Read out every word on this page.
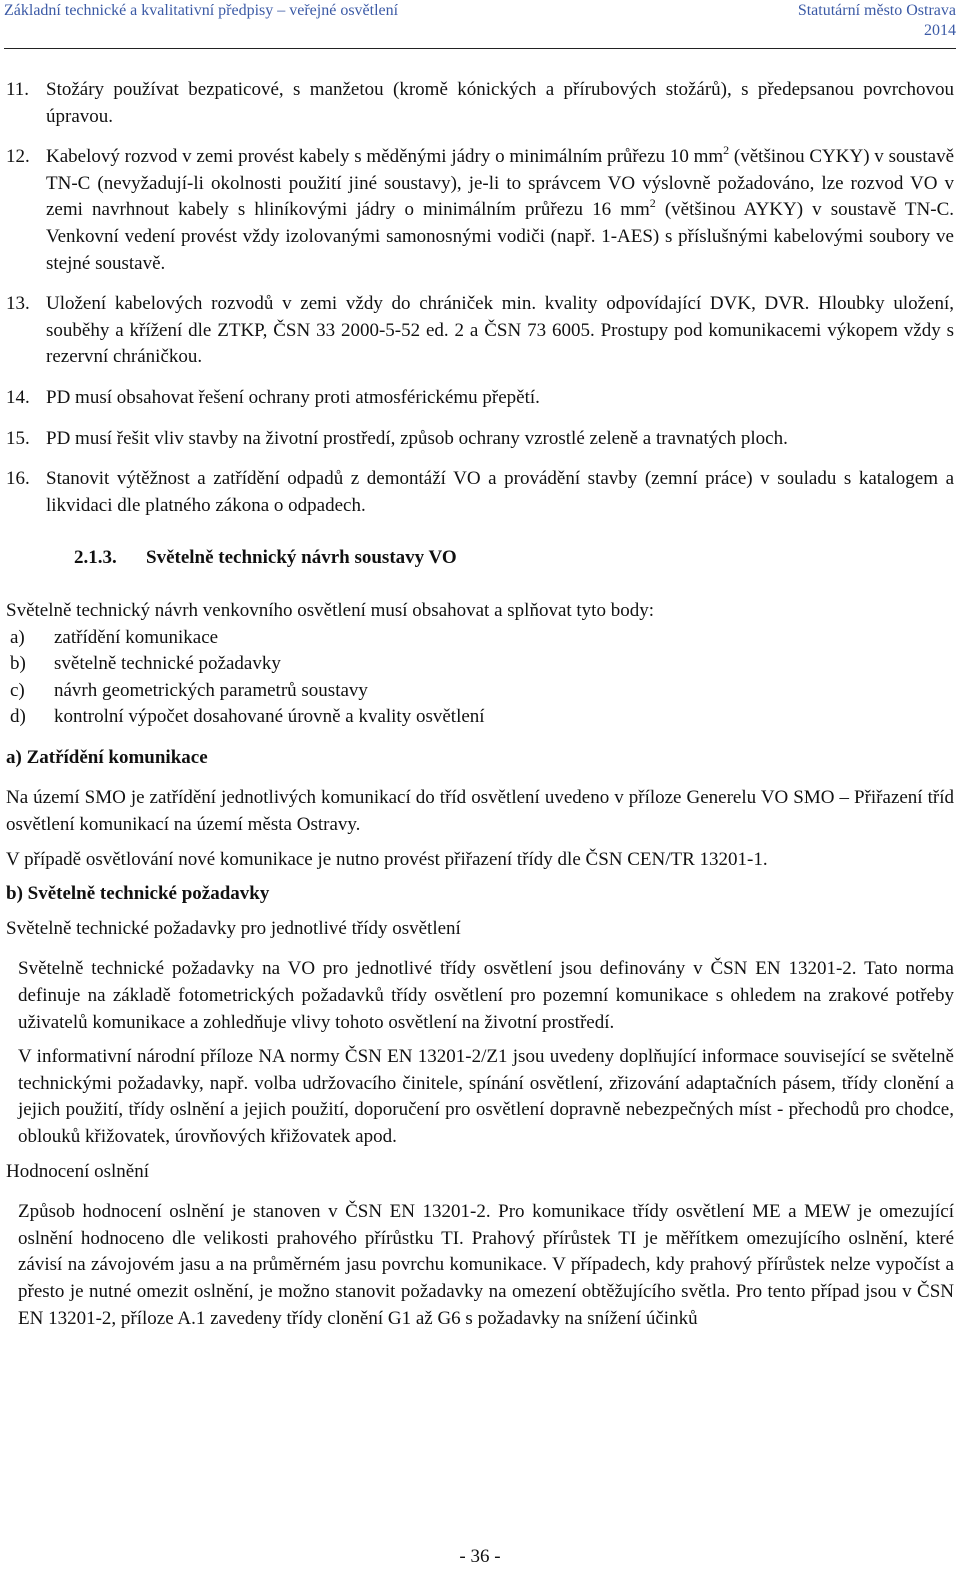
Základní technické a kvalitativní předpisy – veřejné osvětlení	Statutární město Ostrava
2014
11. Stožáry používat bezpaticové, s manžetou (kromě kónických a přírubových stožárů), s předepsanou povrchovou úpravou.
12. Kabelový rozvod v zemi provést kabely s měděnými jádry o minimálním průřezu 10 $mm^2$ (většinou CYKY) v soustavě TN-C (nevyžadují-li okolnosti použití jiné soustavy), je-li to správcem VO výslovně požadováno, lze rozvod VO v zemi navrhnout kabely s hliníkovými jádry o minimálním průřezu 16 $mm^2$ (většinou AYKY) v soustavě TN-C. Venkovní vedení provést vždy izolovanými samonosnými vodiči (např. 1-AES) s příslušnými kabelovými soubory ve stejné soustavě.
13. Uložení kabelových rozvodů v zemi vždy do chrániček min. kvality odpovídající DVK, DVR. Hloubky uložení, souběhy a křížení dle ZTKP, ČSN 33 2000-5-52 ed. 2 a ČSN 73 6005. Prostupy pod komunikacemi výkopem vždy s rezervní chráničkou.
14. PD musí obsahovat řešení ochrany proti atmosférickému přepětí.
15. PD musí řešit vliv stavby na životní prostředí, způsob ochrany vzrostlé zeleně a travnatých ploch.
16. Stanovit výtěžnost a zatřídění odpadů z demontáží VO a provádění stavby (zemní práce) v souladu s katalogem a likvidaci dle platného zákona o odpadech.
2.1.3.	Světelně technický návrh soustavy VO
Světelně technický návrh venkovního osvětlení musí obsahovat a splňovat tyto body:
a)	zatřídění komunikace
b)	světelně technické požadavky
c)	návrh geometrických parametrů soustavy
d)	kontrolní výpočet dosahované úrovně a kvality osvětlení
a) Zatřídění komunikace
Na území SMO je zatřídění jednotlivých komunikací do tříd osvětlení uvedeno v příloze Generelu VO SMO – Přiřazení tříd osvětlení komunikací na území města Ostravy.
V případě osvětlování nové komunikace je nutno provést přiřazení třídy dle ČSN CEN/TR 13201-1.
b) Světelně technické požadavky
Světelně technické požadavky pro jednotlivé třídy osvětlení
Světelně technické požadavky na VO pro jednotlivé třídy osvětlení jsou definovány v ČSN EN 13201-2. Tato norma definuje na základě fotometrických požadavků třídy osvětlení pro pozemní komunikace s ohledem na zrakové potřeby uživatelů komunikace a zohledňuje vlivy tohoto osvětlení na životní prostředí.
V informativní národní příloze NA normy ČSN EN 13201-2/Z1 jsou uvedeny doplňující informace související se světelně technickými požadavky, např. volba udržovacího činitele, spínání osvětlení, zřizování adaptačních pásem, třídy clonění a jejich použití, třídy oslnění a jejich použití, doporučení pro osvětlení dopravně nebezpečných míst - přechodů pro chodce, oblouků křižovatek, úrovňových křižovatek apod.
Hodnocení oslnění
Způsob hodnocení oslnění je stanoven v ČSN EN 13201-2. Pro komunikace třídy osvětlení ME a MEW je omezující oslnění hodnoceno dle velikosti prahového přírůstku TI. Prahový přírůstek TI je měřítkem omezujícího oslnění, které závisí na závojovém jasu a na průměrném jasu povrchu komunikace. V případech, kdy prahový přírůstek nelze vypočíst a přesto je nutné omezit oslnění, je možno stanovit požadavky na omezení obtěžujícího světla. Pro tento případ jsou v ČSN EN 13201-2, příloze A.1 zavedeny třídy clonění G1 až G6 s požadavky na snížení účinků
- 36 -
